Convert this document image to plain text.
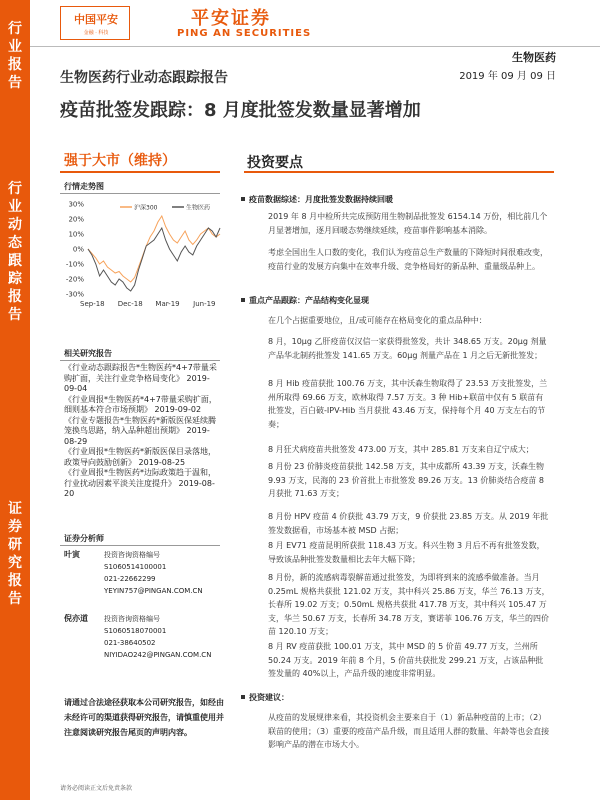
行
业
报
告
行
业
动
态
跟
踪
报
告
证
券
研
究
报
告
中国平安
金融 · 科技
平安证券
PING AN SECURITIES
生物医药
生物医药行业动态跟踪报告	2019 年 09 月 09 日
疫苗批签发跟踪：8 月度批签发数量显著增加
强于大市（维持）
行情走势图
30%
20%
10%
0%
-10%
-20%
-30%
Sep-18 Dec-18 Mar-19 Jun-19
沪深300	生物医药
相关研究报告
《行业动态跟踪报告*生物医药*4+7带量采购扩面，关注行业竞争格局变化》 2019-09-04
《行业周报*生物医药*4+7带量采购扩面，细则基本符合市场预期》 2019-09-02
《行业专题报告*生物医药*新版医保延续腾笼换鸟思路，纳入品种超出预期》 2019-08-29
《行业周报*生物医药*新版医保目录落地，政策导向鼓励创新》 2019-08-25
《行业周报*生物医药*边际政策趋于温和，行业扰动因素平淡关注度提升》 2019-08-20
证券分析师
叶寅	投资咨询资格编号
S1060514100001
021-22662299
YEYIN757@PINGAN.COM.CN
倪亦道 投资咨询资格编号
S1060518070001
021-38640502
NIYIDAO242@PINGAN.COM.CN
请通过合法途径获取本公司研究报告，如经由未经许可的渠道获得研究报告，请慎重使用并注意阅读研究报告尾页的声明内容。
投资要点
疫苗数据综述：月度批签发数据持续回暖
2019 年 8 月中检所共完成预防用生物制品批签发 6154.14 万份，相比前几个月显著增加，逐月回暖态势继续延续，疫苗事件影响基本消除。
考虑全国出生人口数的变化，我们认为疫苗总生产数量的下降短时间很难改变，疫苗行业的发展方向集中在效率升级、竞争格局好的新品种、重量级品种上。
重点产品跟踪：产品结构变化显现
在几个占据重要地位，且/或可能存在格局变化的重点品种中：
8 月，10μg 乙肝疫苗仅汉信一家获得批签发，共计 348.65 万支。20μg 剂量产品华北制药批签发 141.65 万支。60μg 剂量产品在 1 月之后无新批签发；
8 月 Hib 疫苗获批 100.76 万支，其中沃森生物取得了 23.53 万支批签发，兰州所取得 69.66 万支，欧林取得 7.57 万支。3 种 Hib+联苗中仅有 5 联苗有批签发，百白破-IPV-Hib 当月获批 43.46 万支，保持每个月 40 万支左右的节奏；
8 月狂犬病疫苗共批签发 473.00 万支，其中 285.81 万支来自辽宁成大；
8 月份 23 价肺炎疫苗获批 142.58 万支，其中成都所 43.39 万支，沃森生物 9.93 万支，民海的 23 价首批上市批签发 89.26 万支。13 价肺炎结合疫苗 8 月获批 71.63 万支；
8 月份 HPV 疫苗 4 价获批 43.79 万支，9 价获批 23.85 万支。从 2019 年批签发数据看，市场基本被 MSD 占据；
8 月 EV71 疫苗昆明所获批 118.43 万支。科兴生物 3 月后不再有批签发数，导致该品种批签发数量相比去年大幅下降；
8 月份，新的流感病毒裂解苗通过批签发，为即将到来的流感季做准备。当月 0.25mL 规格共获批 121.02 万支，其中科兴 25.86 万支，华兰 76.13 万支，长春所 19.02 万支；0.50mL 规格共获批 417.78 万支，其中科兴 105.47 万支，华兰 50.67 万支，长春所 34.78 万支，赛诺菲 106.76 万支，华兰的四价苗 120.10 万支；
8 月 RV 疫苗获批 100.01 万支，其中 MSD 的 5 价苗 49.77 万支，兰州所 50.24 万支。2019 年前 8 个月，5 价苗共获批发 299.21 万支，占该品种批签发量的 40%以上，产品升级的速度非常明显。
投资建议：
从疫苗的发展规律来看，其投资机会主要来自于（1）新品种疫苗的上市；（2）联苗的使用；（3）重要的疫苗产品升级，而且适用人群的数量、年龄等也会直接影响产品的潜在市场大小。
请务必阅读正文后免责条款
